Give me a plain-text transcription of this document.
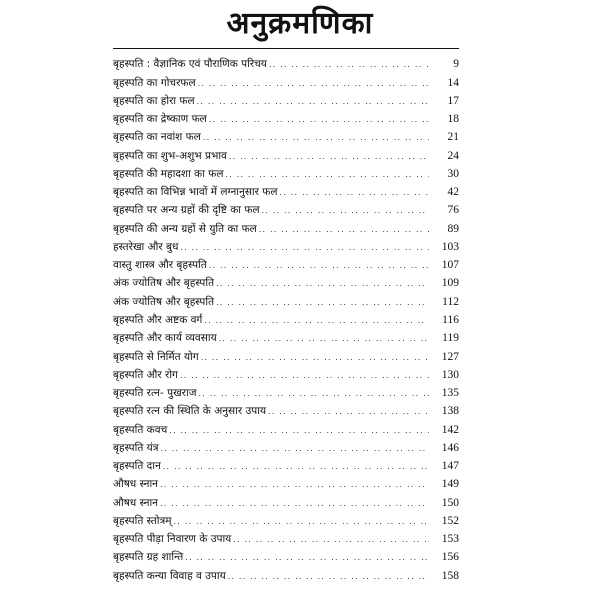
अनुक्रमणिका
बृहस्पति : वैज्ञानिक एवं पौराणिक परिचय .. ..	9
बृहस्पति का गोचरफल .. ..	14
बृहस्पति का होरा फल .. ..	17
बृहस्पति का द्रेष्काण फल .. ..	18
बृहस्पति का नवांश फल .. ..	21
बृहस्पति का शुभ-अशुभ प्रभाव .. ..	24
बृहस्पति की महादशा का फल .. ..	30
बृहस्पति का विभिन्न भावों में लग्नानुसार फल .. ..	42
बृहस्पति पर अन्य ग्रहों की दृष्टि का फल .. ..	76
बृहस्पति की अन्य ग्रहों से युति का फल .. ..	89
हस्तरेखा और बुध .. ..	103
वास्तु शास्त्र और बृहस्पति .. ..	107
अंक ज्योतिष और बृहस्पति .. ..	109
अंक ज्योतिष और बृहस्पति .. ..	112
बृहस्पति और अष्टक वर्ग .. ..	116
बृहस्पति और कार्य व्यवसाय .. ..	119
बृहस्पति से निर्मित योग .. ..	127
बृहस्पति और रोग .. ..	130
बृहस्पति रत्न- पुखराज .. ..	135
बृहस्पति रत्न की स्थिति के अनुसार उपाय .. ..	138
बृहस्पति कवच .. ..	142
बृहस्पति यंत्र .. ..	146
बृहस्पति दान .. ..	147
औषध स्नान .. ..	149
औषध स्नान .. ..	150
बृहस्पति स्तोत्रम् .. ..	152
बृहस्पति पीड़ा निवारण के उपाय .. ..	153
बृहस्पति ग्रह शान्ति .. ..	156
बृहस्पति कन्या विवाह व उपाय .. ..	158
